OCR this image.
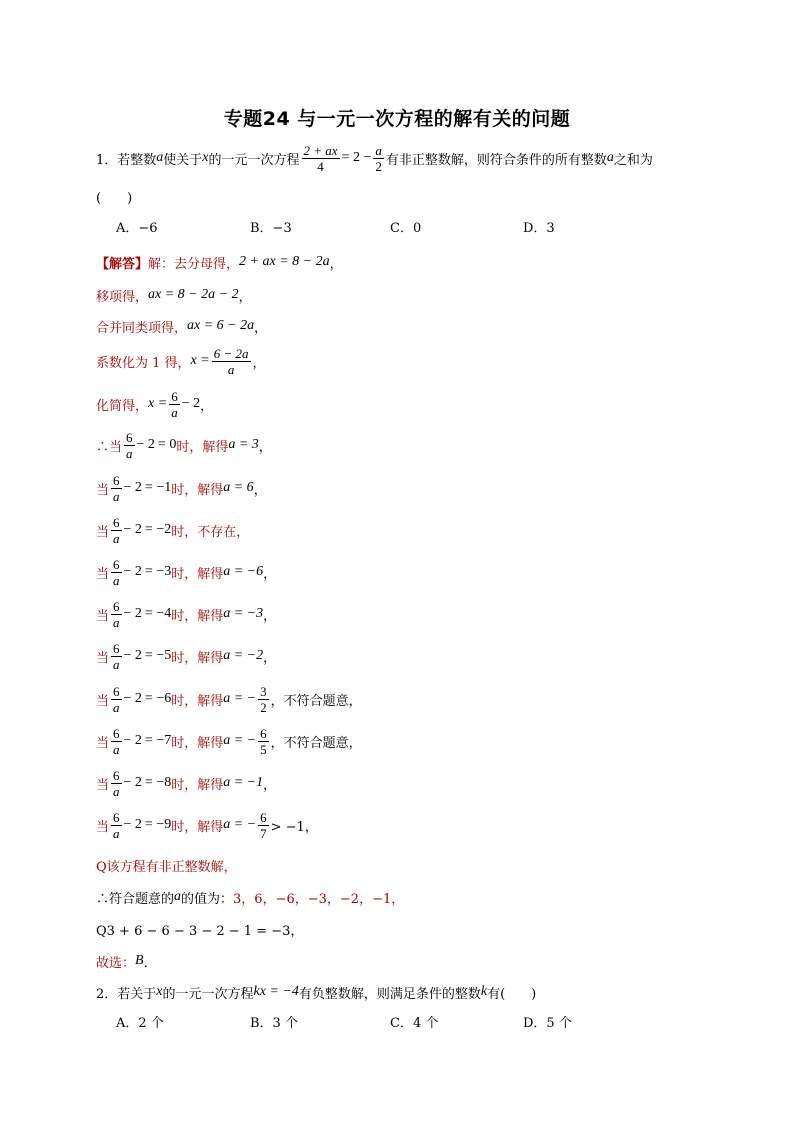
专题24 与一元一次方程的解有关的问题
1．若整数 a 使关于 x 的一元一次方程 $\frac{2 + ax}{4} = 2 - \frac{a}{2}$ 有非正整数解，则符合条件的所有整数 a 之和为
(　　)
A．−6	B．−3	C．0	D．3
【解答】 解：去分母得， 2 + ax = 8 − 2a ，
移项得， ax = 8 − 2a − 2 ，
合并同类项得， ax = 6 − 2a ，
系数化为 1 得， $x = \frac{6 - 2a}{a}$ ，
化简得， $x = \frac{6}{a} - 2$ ，
∴当 $\frac{6}{a} - 2 = 0$ 时，解得 a = 3 ，
当 $\frac{6}{a} - 2 = -1$ 时，解得 a = 6 ，
当 $\frac{6}{a} - 2 = -2$ 时，不存在，
当 $\frac{6}{a} - 2 = -3$ 时，解得 a = −6 ，
当 $\frac{6}{a} - 2 = -4$ 时，解得 a = −3 ，
当 $\frac{6}{a} - 2 = -5$ 时，解得 a = −2 ，
当 $\frac{6}{a} - 2 = -6$ 时，解得 a = − $\frac{3}{2}$ ，不符合题意，
当 $\frac{6}{a} - 2 = -7$ 时，解得 a = − $\frac{6}{5}$ ，不符合题意，
当 $\frac{6}{a} - 2 = -8$ 时，解得 a = −1 ，
当 $\frac{6}{a} - 2 = -9$ 时，解得 a = − $\frac{6}{7} > -1$，
Q该方程有非正整数解，
∴符合题意的 a 的值为： 3，6，−6，−3，−2，−1，
Q3 + 6 − 6 − 3 − 2 − 1 = −3，
故选： B ．
2．若关于 x 的一元一次方程 kx = −4 有负整数解，则满足条件的整数 k 有(　　)
A．2 个	B．3 个	C．4 个	D．5 个
